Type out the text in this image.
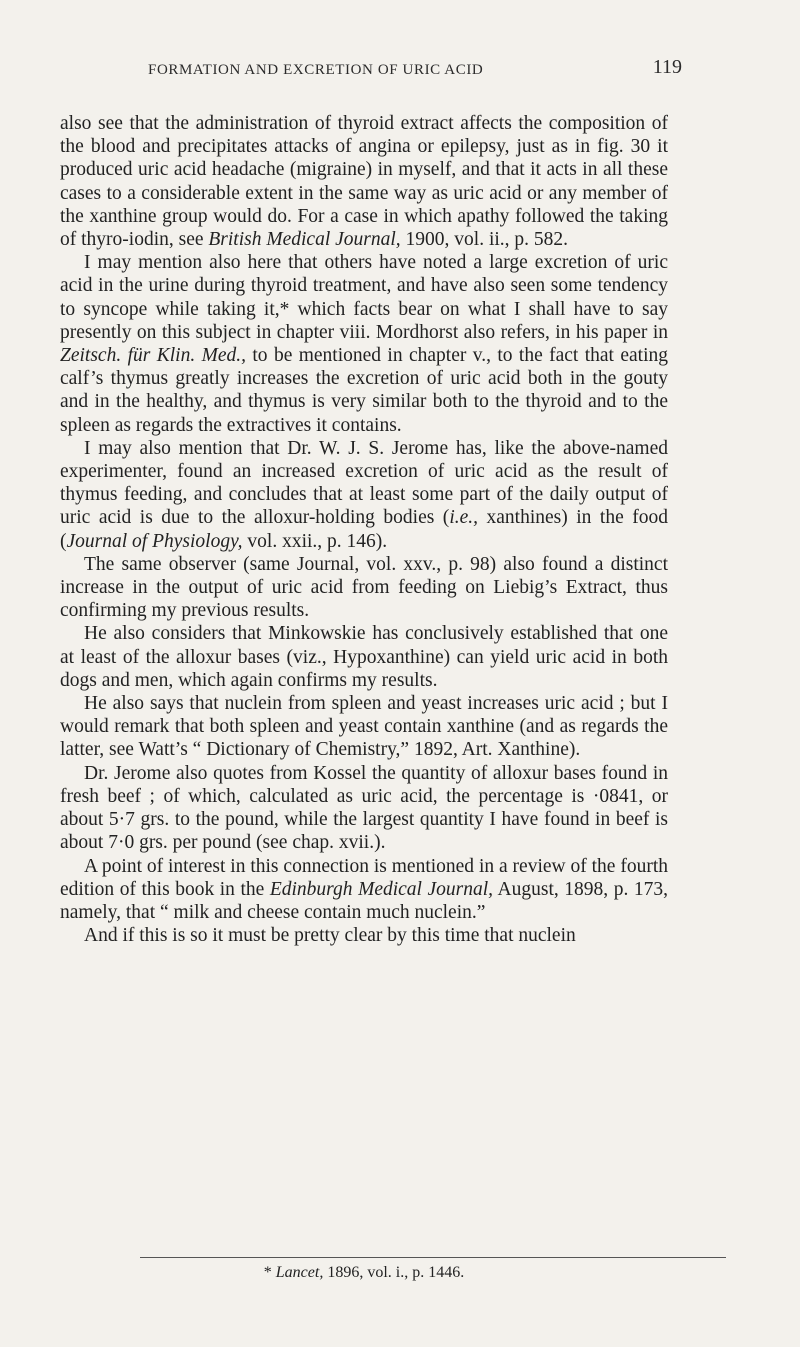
FORMATION AND EXCRETION OF URIC ACID	119

also see that the administration of thyroid extract affects the composition of the blood and precipitates attacks of angina or epilepsy, just as in fig. 30 it produced uric acid headache (migraine) in myself, and that it acts in all these cases to a considerable extent in the same way as uric acid or any member of the xanthine group would do. For a case in which apathy followed the taking of thyro-iodin, see British Medical Journal, 1900, vol. ii., p. 582.

I may mention also here that others have noted a large excretion of uric acid in the urine during thyroid treatment, and have also seen some tendency to syncope while taking it,* which facts bear on what I shall have to say presently on this subject in chapter viii. Mordhorst also refers, in his paper in Zeitsch. für Klin. Med., to be mentioned in chapter v., to the fact that eating calf’s thymus greatly increases the excretion of uric acid both in the gouty and in the healthy, and thymus is very similar both to the thyroid and to the spleen as regards the extractives it contains.

I may also mention that Dr. W. J. S. Jerome has, like the above-named experimenter, found an increased excretion of uric acid as the result of thymus feeding, and concludes that at least some part of the daily output of uric acid is due to the alloxur-holding bodies (i.e., xanthines) in the food (Journal of Physiology, vol. xxii., p. 146).

The same observer (same Journal, vol. xxv., p. 98) also found a distinct increase in the output of uric acid from feeding on Liebig’s Extract, thus confirming my previous results.

He also considers that Minkowskie has conclusively established that one at least of the alloxur bases (viz., Hypoxanthine) can yield uric acid in both dogs and men, which again confirms my results.

He also says that nuclein from spleen and yeast increases uric acid ; but I would remark that both spleen and yeast contain xanthine (and as regards the latter, see Watt’s “ Dictionary of Chemistry,” 1892, Art. Xanthine).

Dr. Jerome also quotes from Kossel the quantity of alloxur bases found in fresh beef ; of which, calculated as uric acid, the percentage is ·0841, or about 5·7 grs. to the pound, while the largest quantity I have found in beef is about 7·0 grs. per pound (see chap. xvii.).

A point of interest in this connection is mentioned in a review of the fourth edition of this book in the Edinburgh Medical Journal, August, 1898, p. 173, namely, that “ milk and cheese contain much nuclein.”

And if this is so it must be pretty clear by this time that nuclein

* Lancet, 1896, vol. i., p. 1446.
